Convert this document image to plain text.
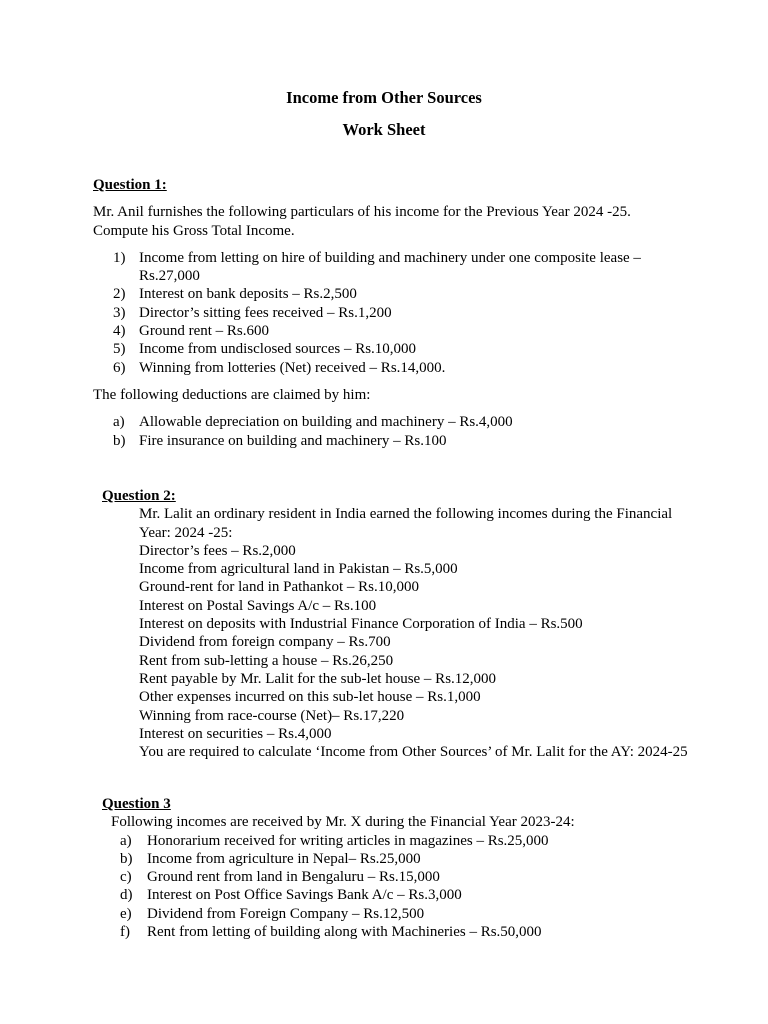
Income from Other Sources
Work Sheet

Question 1:

Mr. Anil furnishes the following particulars of his income for the Previous Year 2024 -25. Compute his Gross Total Income.

1) Income from letting on hire of building and machinery under one composite lease – Rs.27,000
2) Interest on bank deposits – Rs.2,500
3) Director’s sitting fees received – Rs.1,200
4) Ground rent – Rs.600
5) Income from undisclosed sources – Rs.10,000
6) Winning from lotteries (Net) received – Rs.14,000.

The following deductions are claimed by him:

a) Allowable depreciation on building and machinery – Rs.4,000
b) Fire insurance on building and machinery – Rs.100

Question 2:

Mr. Lalit an ordinary resident in India earned the following incomes during the Financial Year: 2024 -25:

Director’s fees – Rs.2,000

Income from agricultural land in Pakistan – Rs.5,000

Ground-rent for land in Pathankot – Rs.10,000

Interest on Postal Savings A/c – Rs.100

Interest on deposits with Industrial Finance Corporation of India – Rs.500

Dividend from foreign company – Rs.700

Rent from sub-letting a house – Rs.26,250

Rent payable by Mr. Lalit for the sub-let house – Rs.12,000

Other expenses incurred on this sub-let house – Rs.1,000

Winning from race-course (Net)– Rs.17,220

Interest on securities – Rs.4,000

You are required to calculate ‘Income from Other Sources’ of Mr. Lalit for the AY: 2024-25

Question 3

Following incomes are received by Mr. X during the Financial Year 2023-24:

a) Honorarium received for writing articles in magazines – Rs.25,000
b) Income from agriculture in Nepal– Rs.25,000
c) Ground rent from land in Bengaluru – Rs.15,000
d) Interest on Post Office Savings Bank A/c – Rs.3,000
e) Dividend from Foreign Company – Rs.12,500
f) Rent from letting of building along with Machineries – Rs.50,000
